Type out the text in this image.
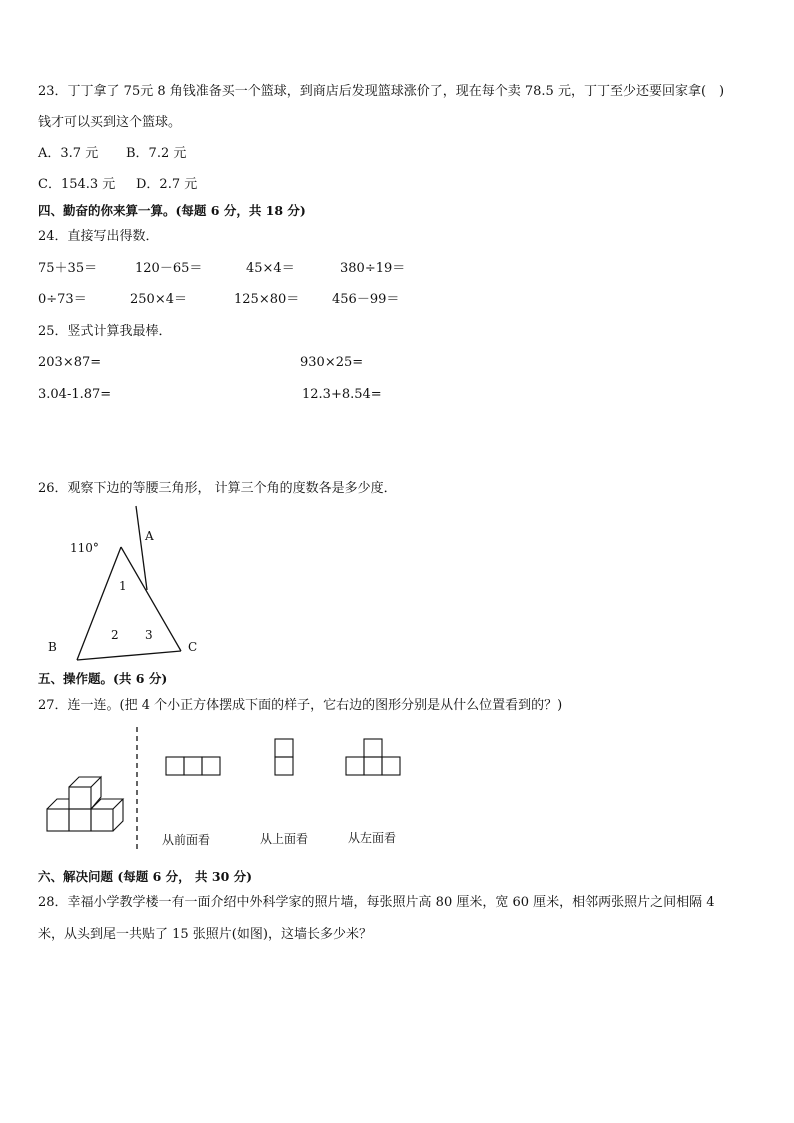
23．丁丁拿了 75元 8 角钱准备买一个篮球，到商店后发现篮球涨价了，现在每个卖 78.5 元，丁丁至少还要回家拿(　)
钱才可以买到这个篮球。
A．3.7 元 B．7.2 元
C．154.3 元 D．2.7 元
四、勤奋的你来算一算。(每题 6 分，共 18 分)
24．直接写出得数．
75＋35＝	120－65＝	45×4＝	380÷19＝
0÷73＝	250×4＝	125×80＝	456－99＝
25．竖式计算我最棒．
203×87=	930×25=
3.04-1.87=	12.3+8.54=
26．观察下边的等腰三角形， 计算三个角的度数各是多少度．
110°
A
B	C
1
2 3
五、操作题。(共 6 分)
27．连一连。(把 4 个小正方体摆成下面的样子，它右边的图形分别是从什么位置看到的？)
从前面看	从上面看	从左面看
六、解决问题 (每题 6 分， 共 30 分)
28．幸福小学教学楼一有一面介绍中外科学家的照片墙，每张照片高 80 厘米，宽 60 厘米，相邻两张照片之间相隔 4
米，从头到尾一共贴了 15 张照片(如图)，这墙长多少米？
